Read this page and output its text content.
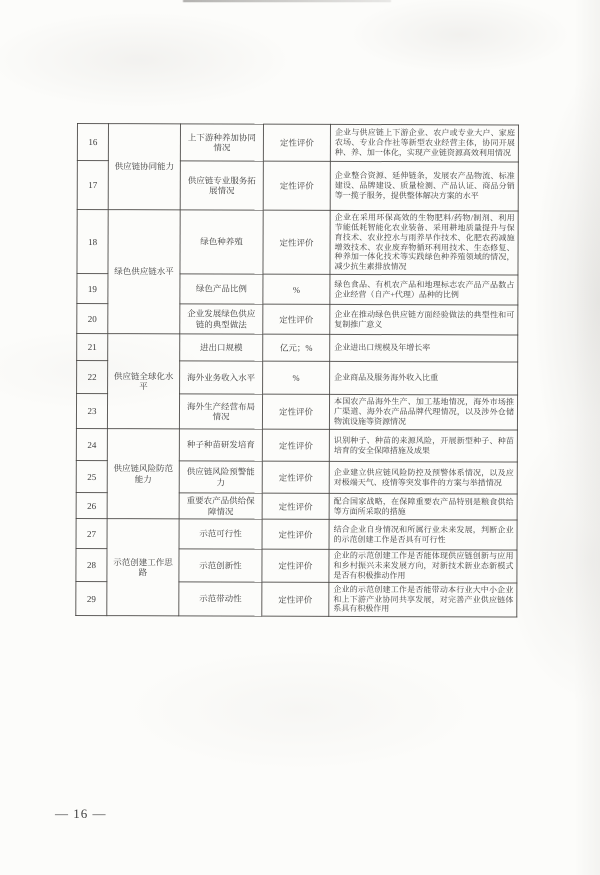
16	供应链协同能力	上下游种养加协同情况	定性评价	企业与供应链上下游企业、农户或专业大户、家庭农场、专业合作社等新型农业经营主体，协同开展种、养、加一体化，实现产业链资源高效利用情况
17		供应链专业服务拓展情况	定性评价	企业整合资源、延伸链条，发展农产品物流、标准建设、品牌建设、质量检测、产品认证、商品分销等一揽子服务，提供整体解决方案的水平
18	绿色供应链水平	绿色种养殖	定性评价	企业在采用环保高效的生物肥料/药物/制剂、利用节能低耗智能化农业装备、采用耕地质量提升与保育技术、农业控水与雨养旱作技术、化肥农药减施增效技术、农业废弃物循环利用技术、生态修复、种养加一体化技术等实践绿色种养殖领域的情况，减少抗生素排放情况
19		绿色产品比例	%	绿色食品、有机农产品和地理标志农产品产品数占企业经营（自产+代理）品种的比例
20		企业发展绿色供应链的典型做法	定性评价	企业在推动绿色供应链方面经验做法的典型性和可复制推广意义
21	供应链全球化水平	进出口规模	亿元；%	企业进出口规模及年增长率
22		海外业务收入水平	%	企业商品及服务海外收入比重
23		海外生产经营布局情况	定性评价	本国农产品海外生产、加工基地情况，海外市场推广渠道、海外农产品品牌代理情况，以及涉外仓储物流设施等资源情况
24	供应链风险防范能力	种子种苗研发培育	定性评价	识别种子、种苗的来源风险，开展新型种子、种苗培育的安全保障措施及成果
25		供应链风险预警能力	定性评价	企业建立供应链风险防控及预警体系情况，以及应对极端天气、疫情等突发事件的方案与举措情况
26		重要农产品供给保障情况	定性评价	配合国家战略，在保障重要农产品特别是粮食供给等方面所采取的措施
27	示范创建工作思路	示范可行性	定性评价	结合企业自身情况和所属行业未来发展，判断企业的示范创建工作是否具有可行性
28		示范创新性	定性评价	企业的示范创建工作是否能体现供应链创新与应用和乡村振兴未来发展方向，对新技术新业态新模式是否有积极推动作用
29		示范带动性	定性评价	企业的示范创建工作是否能带动本行业大中小企业和上下游产业协同共享发展，对完善产业供应链体系具有积极作用
— 16 —
